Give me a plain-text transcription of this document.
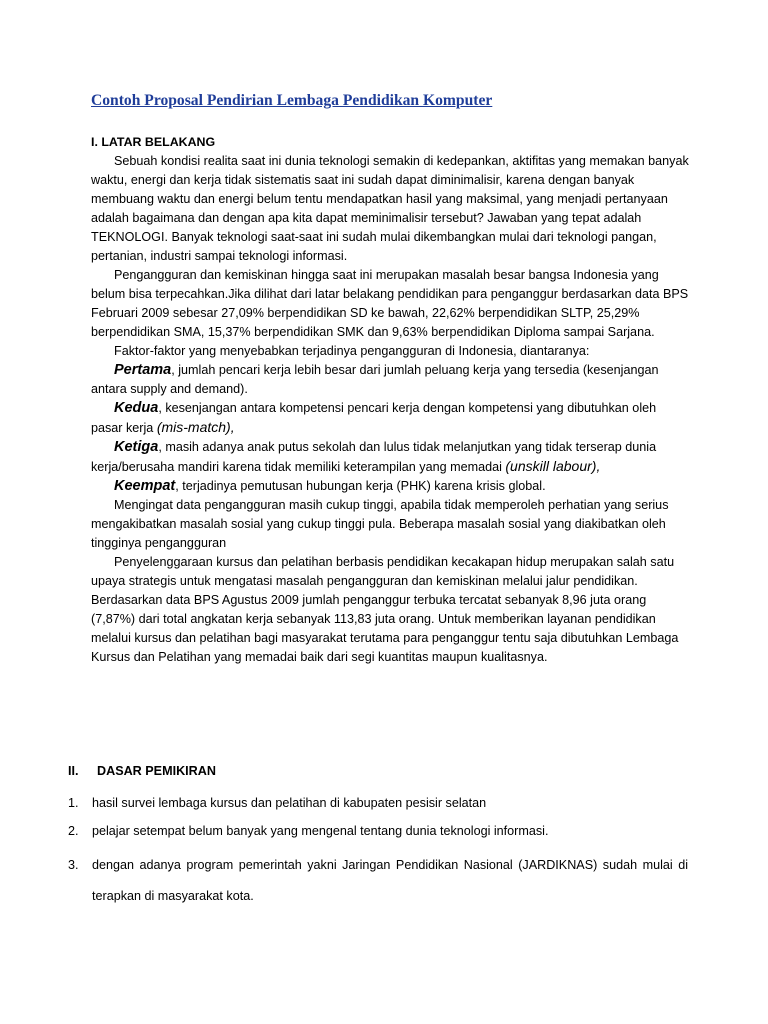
Contoh Proposal Pendirian Lembaga Pendidikan Komputer

I. LATAR BELAKANG

Sebuah kondisi realita saat ini dunia teknologi semakin di kedepankan, aktifitas yang memakan banyak waktu, energi dan kerja tidak sistematis saat ini sudah dapat diminimalisir, karena dengan banyak membuang waktu dan energi belum tentu mendapatkan hasil yang maksimal, yang menjadi pertanyaan adalah bagaimana dan dengan apa kita dapat meminimalisir tersebut? Jawaban yang tepat adalah TEKNOLOGI. Banyak teknologi saat-saat ini sudah mulai dikembangkan mulai dari teknologi pangan, pertanian, industri sampai teknologi informasi.

Pengangguran dan kemiskinan hingga saat ini merupakan masalah besar bangsa Indonesia yang belum bisa terpecahkan.Jika dilihat dari latar belakang pendidikan para penganggur berdasarkan data BPS Februari 2009 sebesar 27,09% berpendidikan SD ke bawah, 22,62% berpendidikan SLTP, 25,29% berpendidikan SMA, 15,37% berpendidikan SMK dan 9,63% berpendidikan Diploma sampai Sarjana.

Faktor-faktor yang menyebabkan terjadinya pengangguran di Indonesia, diantaranya:

Pertama, jumlah pencari kerja lebih besar dari jumlah peluang kerja yang tersedia (kesenjangan antara supply and demand).

Kedua, kesenjangan antara kompetensi pencari kerja dengan kompetensi yang dibutuhkan oleh pasar kerja (mis-match),

Ketiga, masih adanya anak putus sekolah dan lulus tidak melanjutkan yang tidak terserap dunia kerja/berusaha mandiri karena tidak memiliki keterampilan yang memadai (unskill labour),

Keempat, terjadinya pemutusan hubungan kerja (PHK) karena krisis global.

Mengingat data pengangguran masih cukup tinggi, apabila tidak memperoleh perhatian yang serius mengakibatkan masalah sosial yang cukup tinggi pula. Beberapa masalah sosial yang diakibatkan oleh tingginya pengangguran

Penyelenggaraan kursus dan pelatihan berbasis pendidikan kecakapan hidup merupakan salah satu upaya strategis untuk mengatasi masalah pengangguran dan kemiskinan melalui jalur pendidikan. Berdasarkan data BPS Agustus 2009 jumlah penganggur terbuka tercatat sebanyak 8,96 juta orang (7,87%) dari total angkatan kerja sebanyak 113,83 juta orang. Untuk memberikan layanan pendidikan melalui kursus dan pelatihan bagi masyarakat terutama para penganggur tentu saja dibutuhkan Lembaga Kursus dan Pelatihan yang memadai baik dari segi kuantitas maupun kualitasnya.

II. DASAR PEMIKIRAN
1. hasil survei lembaga kursus dan pelatihan di kabupaten pesisir selatan
2. pelajar setempat belum banyak yang mengenal tentang dunia teknologi informasi.
3. dengan adanya program pemerintah yakni Jaringan Pendidikan Nasional (JARDIKNAS) sudah mulai di terapkan di masyarakat kota.
